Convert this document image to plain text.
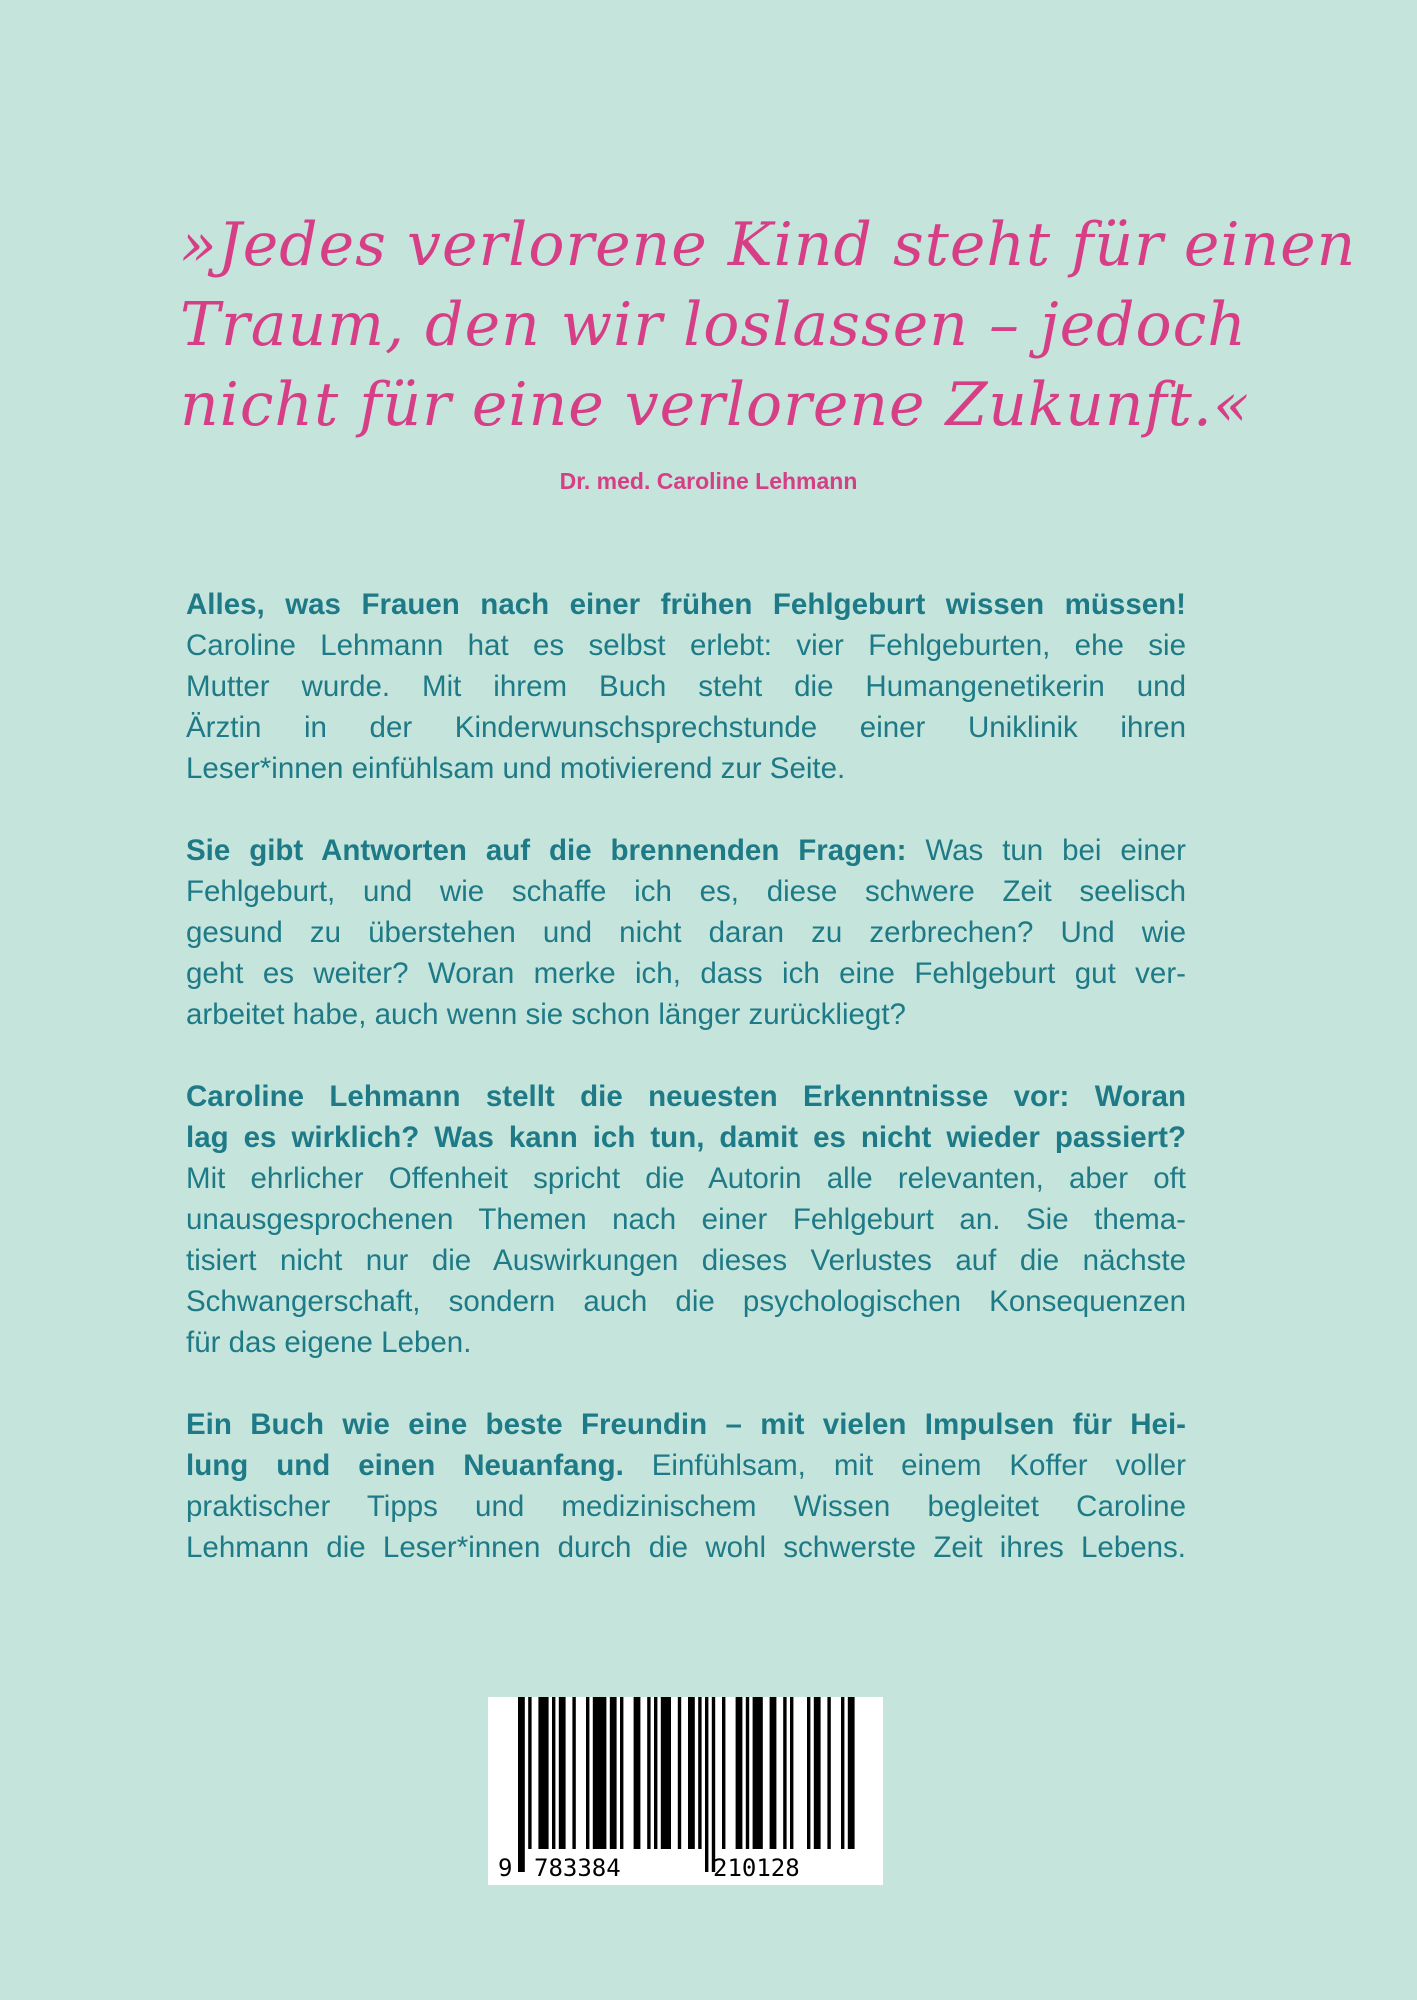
»Jedes verlorene Kind steht für einen
Traum, den wir loslassen – jedoch
nicht für eine verlorene Zukunft.«
Dr. med. Caroline Lehmann
Alles, was Frauen nach einer frühen Fehlgeburt wissen müssen!
Caroline Lehmann hat es selbst erlebt: vier Fehlgeburten, ehe sie
Mutter wurde. Mit ihrem Buch steht die Humangenetikerin und
Ärztin in der Kinderwunschsprechstunde einer Uniklinik ihren
Leser*innen einfühlsam und motivierend zur Seite.
Sie gibt Antworten auf die brennenden Fragen: Was tun bei einer
Fehlgeburt, und wie schaffe ich es, diese schwere Zeit seelisch
gesund zu überstehen und nicht daran zu zerbrechen? Und wie
geht es weiter? Woran merke ich, dass ich eine Fehlgeburt gut ver-
arbeitet habe, auch wenn sie schon länger zurückliegt?
Caroline Lehmann stellt die neuesten Erkenntnisse vor: Woran
lag es wirklich? Was kann ich tun, damit es nicht wieder passiert?
Mit ehrlicher Offenheit spricht die Autorin alle relevanten, aber oft
unausgesprochenen Themen nach einer Fehlgeburt an. Sie thema-
tisiert nicht nur die Auswirkungen dieses Verlustes auf die nächste
Schwangerschaft, sondern auch die psychologischen Konsequenzen
für das eigene Leben.
Ein Buch wie eine beste Freundin – mit vielen Impulsen für Hei-
lung und einen Neuanfang. Einfühlsam, mit einem Koffer voller
praktischer Tipps und medizinischem Wissen begleitet Caroline
Lehmann die Leser*innen durch die wohl schwerste Zeit ihres Lebens.
9 783384	210128
